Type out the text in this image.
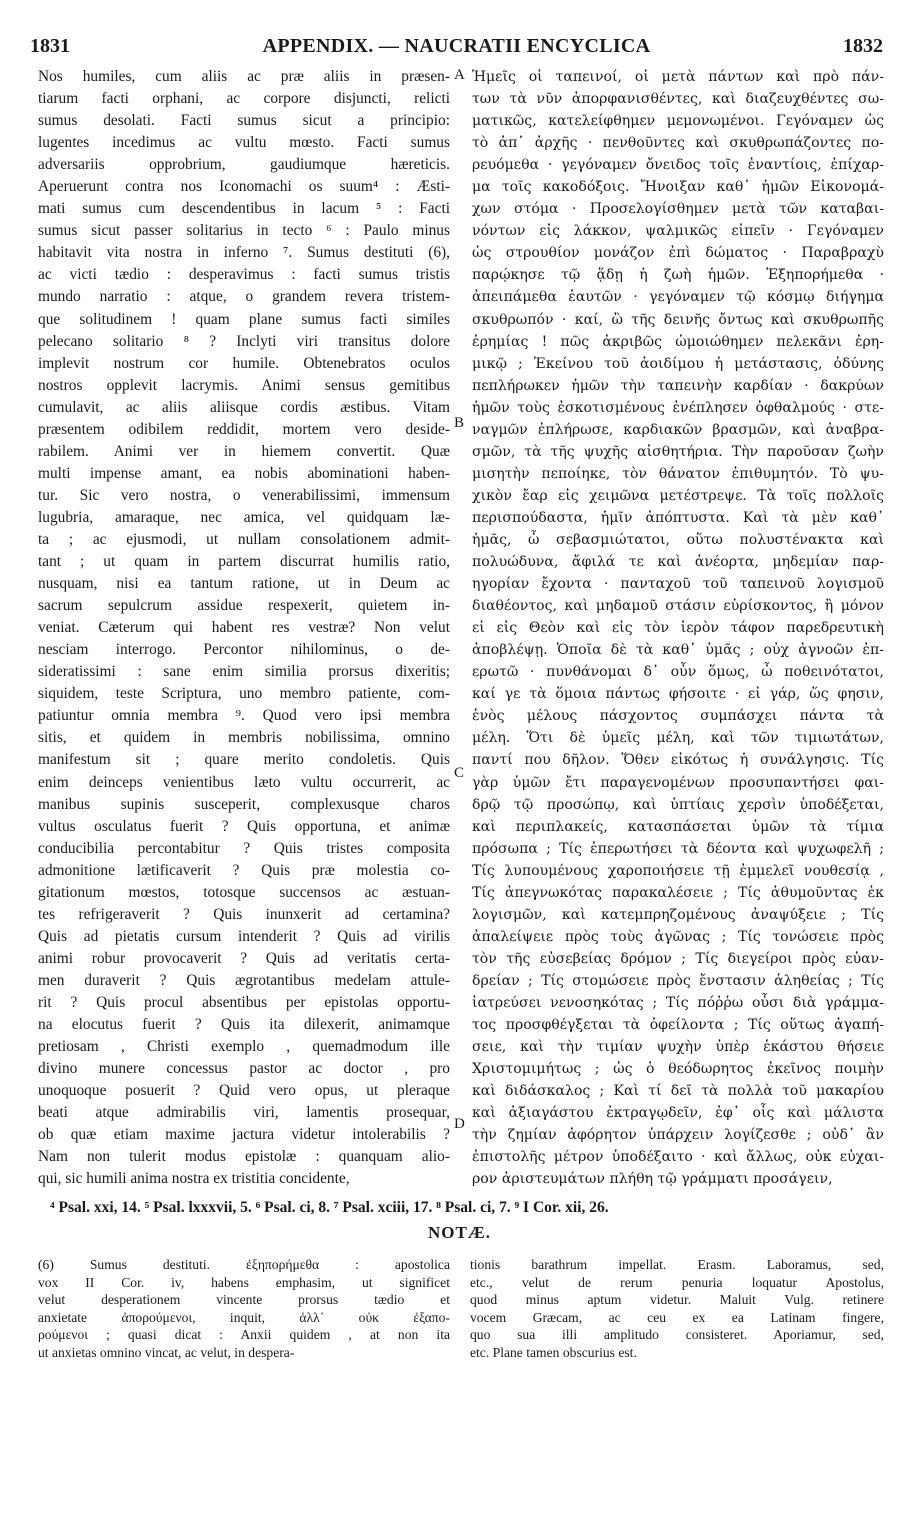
1831	APPENDIX. — NAUCRATII ENCYCLICA	1832
Nos humiles, cum aliis ac præ aliis in præsen-
tiarum facti orphani, ac corpore disjuncti, relicti
sumus desolati. Facti sumus sicut a principio:
lugentes incedimus ac vultu mœsto. Facti sumus
adversariis opprobrium, gaudiumque hæreticis.
Aperuerunt contra nos Iconomachi os suum⁴ : Æsti-
mati sumus cum descendentibus in lacum ⁵ : Facti
sumus sicut passer solitarius in tecto ⁶ : Paulo minus
habitavit vita nostra in inferno ⁷. Sumus destituti (6),
ac victi tædio : desperavimus : facti sumus tristis
mundo narratio : atque, o grandem revera tristem-
que solitudinem ! quam plane sumus facti similes
pelecano solitario ⁸ ? Inclyti viri transitus dolore
implevit nostrum cor humile. Obtenebratos oculos
nostros opplevit lacrymis. Animi sensus gemitibus
cumulavit, ac aliis aliisque cordis æstibus. Vitam
præsentem odibilem reddidit, mortem vero deside-
rabilem. Animi ver in hiemem convertit. Quæ
multi impense amant, ea nobis abominationi haben-
tur. Sic vero nostra, o venerabilissimi, immensum
lugubria, amaraque, nec amica, vel quidquam læ-
ta ; ac ejusmodi, ut nullam consolationem admit-
tant ; ut quam in partem discurrat humilis ratio,
nusquam, nisi ea tantum ratione, ut in Deum ac
sacrum sepulcrum assidue respexerit, quietem in-
veniat. Cæterum qui habent res vestræ? Non velut
nesciam interrogo. Percontor nihilominus, o de-
sideratissimi : sane enim similia prorsus dixeritis;
siquidem, teste Scriptura, uno membro patiente, com-
patiuntur omnia membra ⁹. Quod vero ipsi membra
sitis, et quidem in membris nobilissima, omnino
manifestum sit ; quare merito condoletis. Quis
enim deinceps venientibus læto vultu occurrerit, ac
manibus supinis susceperit, complexusque charos
vultus osculatus fuerit ? Quis opportuna, et animæ
conducibilia percontabitur ? Quis tristes composita
admonitione lætificaverit ? Quis præ molestia co-
gitationum mœstos, totosque succensos ac æstuan-
tes refrigeraverit ? Quis inunxerit ad certamina?
Quis ad pietatis cursum intenderit ? Quis ad virilis
animi robur provocaverit ? Quis ad veritatis certa-
men duraverit ? Quis ægrotantibus medelam attule-
rit ? Quis procul absentibus per epistolas opportu-
na elocutus fuerit ? Quis ita dilexerit, animamque
pretiosam , Christi exemplo , quemadmodum ille
divino munere concessus pastor ac doctor , pro
unoquoque posuerit ? Quid vero opus, ut pleraque
beati atque admirabilis viri, lamentis prosequar,
ob quæ etiam maxime jactura videtur intolerabilis ?
Nam non tulerit modus epistolæ : quanquam alio-
qui, sic humili anima nostra ex tristitia concidente,
Ἡμεῖς οἱ ταπεινοί, οἱ μετὰ πάντων καὶ πρὸ πάν-
των τὰ νῦν ἀπορφανισθέντες, καὶ διαζευχθέντες σω-
ματικῶς, κατελείφθημεν μεμονωμένοι. Γεγόναμεν ὡς
τὸ ἀπ᾽ ἀρχῆς · πενθοῦντες καὶ σκυθρωπάζοντες πο-
ρευόμεθα · γεγόναμεν ὄνειδος τοῖς ἐναντίοις, ἐπίχαρ-
μα τοῖς κακοδόξοις. Ἤνοιξαν καθ᾽ ἡμῶν Εἰκονομά-
χων στόμα · Προσελογίσθημεν μετὰ τῶν καταβαι-
νόντων εἰς λάκκον, ψαλμικῶς εἰπεῖν · Γεγόναμεν
ὡς στρουθίον μονάζον ἐπὶ δώματος · Παραβραχὺ
παρῴκησε τῷ ᾅδῃ ἡ ζωὴ ἡμῶν. Ἐξηπορήμεθα ·
ἀπειπάμεθα ἑαυτῶν · γεγόναμεν τῷ κόσμῳ διήγημα
σκυθρωπόν · καί, ὢ τῆς δεινῆς ὄντως καὶ σκυθρωπῆς
ἐρημίας ! πῶς ἀκριβῶς ὡμοιώθημεν πελεκᾶνι ἐρη-
μικῷ ; Ἐκείνου τοῦ ἀοιδίμου ἡ μετάστασις, ὀδύνης
πεπλήρωκεν ἡμῶν τὴν ταπεινὴν καρδίαν · δακρύων
ἡμῶν τοὺς ἐσκοτισμένους ἐνέπλησεν ὀφθαλμούς · στε-
ναγμῶν ἐπλήρωσε, καρδιακῶν βρασμῶν, καὶ ἀναβρα-
σμῶν, τὰ τῆς ψυχῆς αἰσθητήρια. Τὴν παροῦσαν ζωὴν
μισητὴν πεποίηκε, τὸν θάνατον ἐπιθυμητόν. Τὸ ψυ-
χικὸν ἔαρ εἰς χειμῶνα μετέστρεψε. Τὰ τοῖς πολλοῖς
περισπούδαστα, ἡμῖν ἀπόπτυστα. Καὶ τὰ μὲν καθ᾽
ἡμᾶς, ὦ σεβασμιώτατοι, οὕτω πολυστένακτα καὶ
πολυώδυνα, ἄφιλά τε καὶ ἀνέορτα, μηδεμίαν παρ-
ηγορίαν ἔχοντα · πανταχοῦ τοῦ ταπεινοῦ λογισμοῦ
διαθέοντος, καὶ μηδαμοῦ στάσιν εὑρίσκοντος, ἢ μόνον
εἰ εἰς Θεὸν καὶ εἰς τὸν ἱερὸν τάφον παρεδρευτικὴ
ἀποβλέψῃ. Ὁποῖα δὲ τὰ καθ᾽ ὑμᾶς ; οὐχ ἀγνοῶν ἐπ-
ερωτῶ · πυνθάνομαι δ᾽ οὖν ὅμως, ὦ ποθεινότατοι,
καί γε τὰ ὅμοια πάντως φήσοιτε · εἰ γάρ, ὥς φησιν,
ἑνὸς μέλους πάσχοντος συμπάσχει πάντα τὰ
μέλη. Ὅτι δὲ ὑμεῖς μέλη, καὶ τῶν τιμιωτάτων,
παντί που δῆλον. Ὅθεν εἰκότως ἡ συνάλγησις. Τίς
γὰρ ὑμῶν ἔτι παραγενομένων προσυπαντήσει φαι-
δρῷ τῷ προσώπῳ, καὶ ὑπτίαις χερσὶν ὑποδέξεται,
καὶ περιπλακείς, κατασπάσεται ὑμῶν τὰ τίμια
πρόσωπα ; Τίς ἐπερωτήσει τὰ δέοντα καὶ ψυχωφελῆ ;
Τίς λυπουμένους χαροποιήσειε τῇ ἐμμελεῖ νουθεσίᾳ ,
Τίς ἀπεγνωκότας παρακαλέσειε ; Τίς ἀθυμοῦντας ἐκ
λογισμῶν, καὶ κατεμπρηζομένους ἀναψύξειε ; Τίς
ἀπαλείψειε πρὸς τοὺς ἀγῶνας ; Τίς τονώσειε πρὸς
τὸν τῆς εὐσεβείας δρόμον ; Τίς διεγείροι πρὸς εὐαν-
δρείαν ; Τίς στομώσειε πρὸς ἔνστασιν ἀληθείας ; Τίς
ἰατρεύσει νενοσηκότας ; Τίς πόῤῥω οὖσι διὰ γράμμα-
τος προσφθέγξεται τὰ ὀφείλοντα ; Τίς οὕτως ἀγαπή-
σειε, καὶ τὴν τιμίαν ψυχὴν ὑπὲρ ἑκάστου θήσειε
Χριστομιμήτως ; ὡς ὁ θεόδωρητος ἐκεῖνος ποιμὴν
καὶ διδάσκαλος ; Καὶ τί δεῖ τὰ πολλὰ τοῦ μακαρίου
καὶ ἀξιαγάστου ἐκτραγῳδεῖν, ἐφ᾽ οἷς καὶ μάλιστα
τὴν ζημίαν ἀφόρητον ὑπάρχειν λογίζεσθε ; οὐδ᾽ ἂν
ἐπιστολῆς μέτρον ὑποδέξαιτο · καὶ ἄλλως, οὐκ εὐχαι-
ρον ἀριστευμάτων πλήθη τῷ γράμματι προσάγειν,
A
B
C
D
⁴ Psal. xxi, 14. ⁵ Psal. lxxxvii, 5. ⁶ Psal. ci, 8. ⁷ Psal. xciii, 17. ⁸ Psal. ci, 7. ⁹ I Cor. xii, 26.
NOTÆ.
(6) Sumus destituti. ἐξηπορήμεθα : apostolica
vox II Cor. iv, habens emphasim, ut significet
velut desperationem vincente prorsus tædio et
anxietate ἀπορούμενοι, inquit, ἀλλ᾽ οὐκ ἐξαπο-
ρούμενοι ; quasi dicat : Anxii quidem , at non ita
ut anxietas omnino vincat, ac velut, in despera-
tionis barathrum impellat. Erasm. Laboramus, sed,
etc., velut de rerum penuria loquatur Apostolus,
quod minus aptum videtur. Maluit Vulg. retinere
vocem Græcam, ac ceu ex ea Latinam fingere,
quo sua illi amplitudo consisteret. Aporiamur, sed,
etc. Plane tamen obscurius est.
